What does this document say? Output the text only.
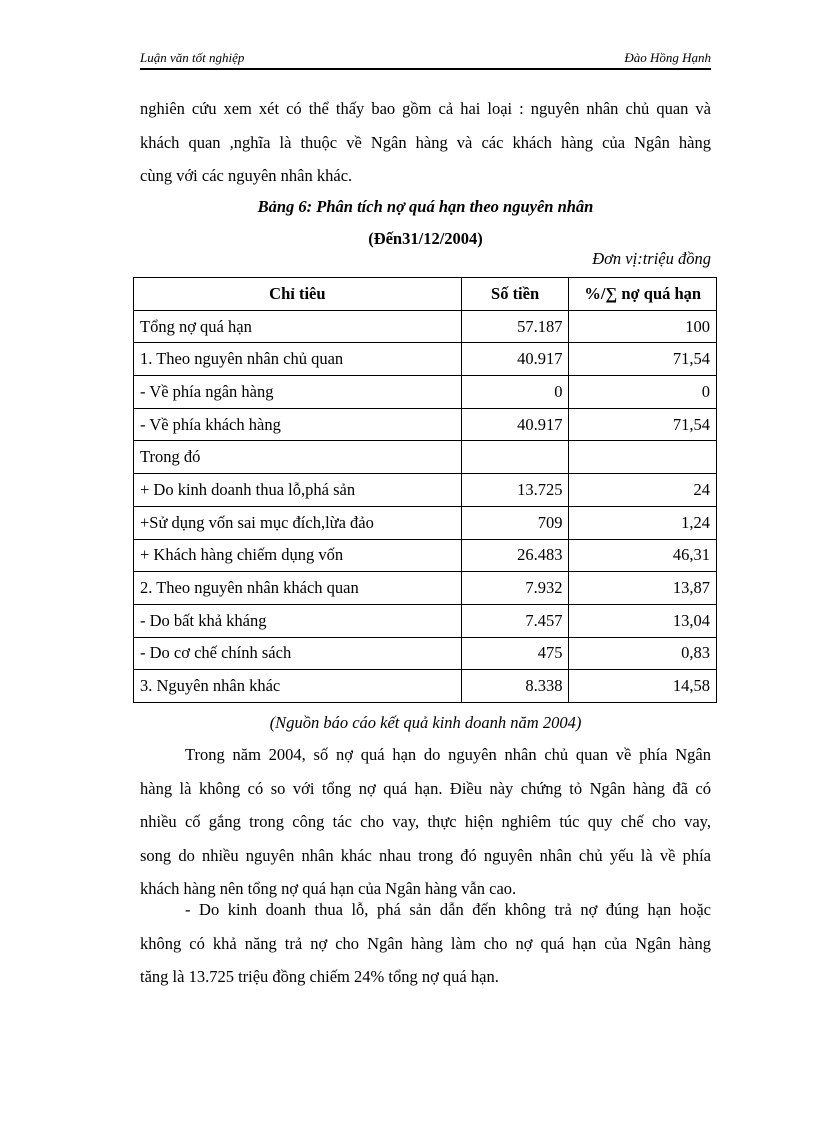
Luận văn tốt nghiệp	Đào Hồng Hạnh
nghiên cứu xem xét có thể thấy bao gồm cả hai loại : nguyên nhân chủ quan và
khách quan ,nghĩa là thuộc về Ngân hàng và các khách hàng của Ngân hàng
cùng với các nguyên nhân khác.
Bảng 6: Phân tích nợ quá hạn theo nguyên nhân
(Đến31/12/2004)
Đơn vị:triệu đồng
Chỉ tiêu	Số tiền	%/∑ nợ quá hạn
Tổng nợ quá hạn	57.187	100
1. Theo nguyên nhân chủ quan	40.917	71,54
- Về phía ngân hàng	0	0
- Về phía khách hàng	40.917	71,54
Trong đó		
+ Do kinh doanh thua lỗ,phá sản	13.725	24
+Sử dụng vốn sai mục đích,lừa đảo	709	1,24
+ Khách hàng chiếm dụng vốn	26.483	46,31
2. Theo nguyên nhân khách quan	7.932	13,87
- Do bất khả kháng	7.457	13,04
- Do cơ chế chính sách	475	0,83
3. Nguyên nhân khác	8.338	14,58
(Nguồn báo cáo kết quả kinh doanh năm 2004)
Trong năm 2004, số nợ quá hạn do nguyên nhân chủ quan về phía Ngân
hàng là không có so với tổng nợ quá hạn. Điều này chứng tỏ Ngân hàng đã có
nhiều cố gắng trong công tác cho vay, thực hiện nghiêm túc quy chế cho vay,
song do nhiều nguyên nhân khác nhau trong đó nguyên nhân chủ yếu là về phía
khách hàng nên tổng nợ quá hạn của Ngân hàng vẫn cao.
- Do kinh doanh thua lỗ, phá sản dẫn đến không trả nợ đúng hạn hoặc
không có khả năng trả nợ cho Ngân hàng làm cho nợ quá hạn của Ngân hàng
tăng là 13.725 triệu đồng chiếm 24% tổng nợ quá hạn.
